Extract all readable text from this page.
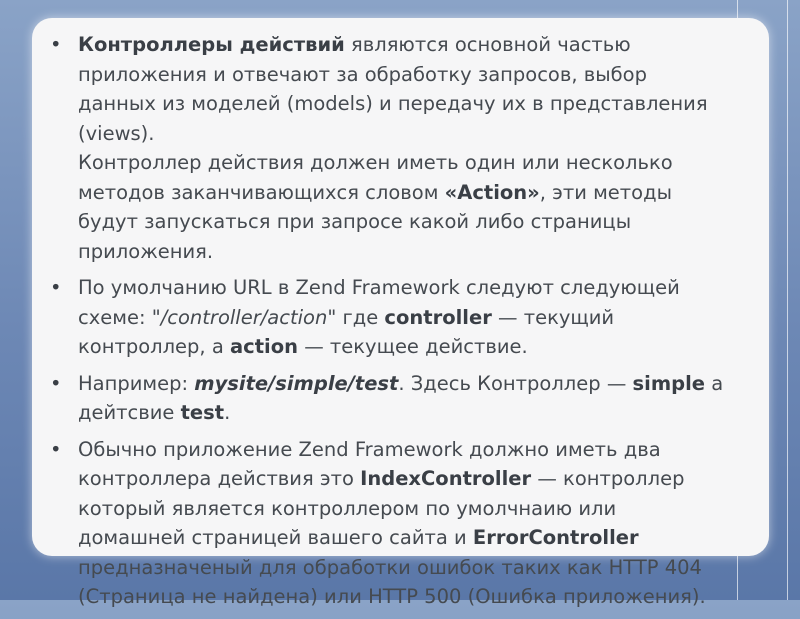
• Контроллеры действий являются основной частью
приложения и отвечают за обработку запросов, выбор
данных из моделей (models) и передачу их в представления
(views).
Контроллер действия должен иметь один или несколько
методов заканчивающихся словом «Action», эти методы
будут запускаться при запросе какой либо страницы
приложения.
• По умолчанию URL в Zend Framework следуют следующей
схеме: "/controller/action" где controller — текущий
контроллер, а action — текущее действие.
• Например: mysite/simple/test. Здесь Контроллер — simple а
дейтсвие test.
• Обычно приложение Zend Framework должно иметь два
контроллера действия это IndexController — контроллер
который является контроллером по умолчнаию или
домашней страницей вашего сайта и ErrorController
предназначеный для обработки ошибок таких как HTTP 404
(Страница не найдена) или HTTP 500 (Ошибка приложения).
